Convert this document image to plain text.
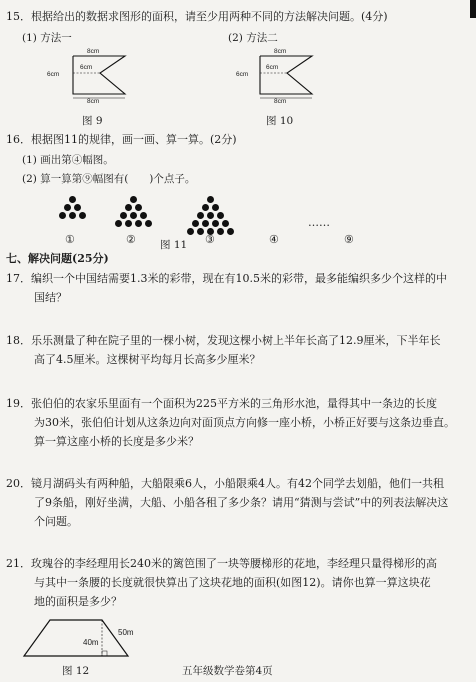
15．根据给出的数据求图形的面积，请至少用两种不同的方法解决问题。(4分)
(1) 方法一	(2) 方法二
8cm
6cm
6cm
8cm
图 9
8cm
6cm
6cm
8cm
图 10
16．根据图11的规律，画一画、算一算。(2分)
(1) 画出第④幅图。
(2) 算一算第⑨幅图有(　　)个点子。
……
①	②	③	④	⑨
图 11
七、解决问题(25分)
17．编织一个中国结需要1.3米的彩带，现在有10.5米的彩带，最多能编织多少个这样的中
国结？
18．乐乐测量了种在院子里的一棵小树，发现这棵小树上半年长高了12.9厘米，下半年长
高了4.5厘米。这棵树平均每月长高多少厘米？
19．张伯伯的农家乐里面有一个面积为225平方米的三角形水池，量得其中一条边的长度
为30米，张伯伯计划从这条边向对面顶点方向修一座小桥，小桥正好要与这条边垂直。
算一算这座小桥的长度是多少米？
20．镜月湖码头有两种船，大船限乘6人，小船限乘4人。有42个同学去划船，他们一共租
了9条船，刚好坐满，大船、小船各租了多少条？请用“猜测与尝试”中的列表法解决这
个问题。
21．玫瑰谷的李经理用长240米的篱笆围了一块等腰梯形的花地，李经理只量得梯形的高
与其中一条腰的长度就很快算出了这块花地的面积(如图12)。请你也算一算这块花
地的面积是多少？
40m
50m
图 12	五年级数学卷第4页
